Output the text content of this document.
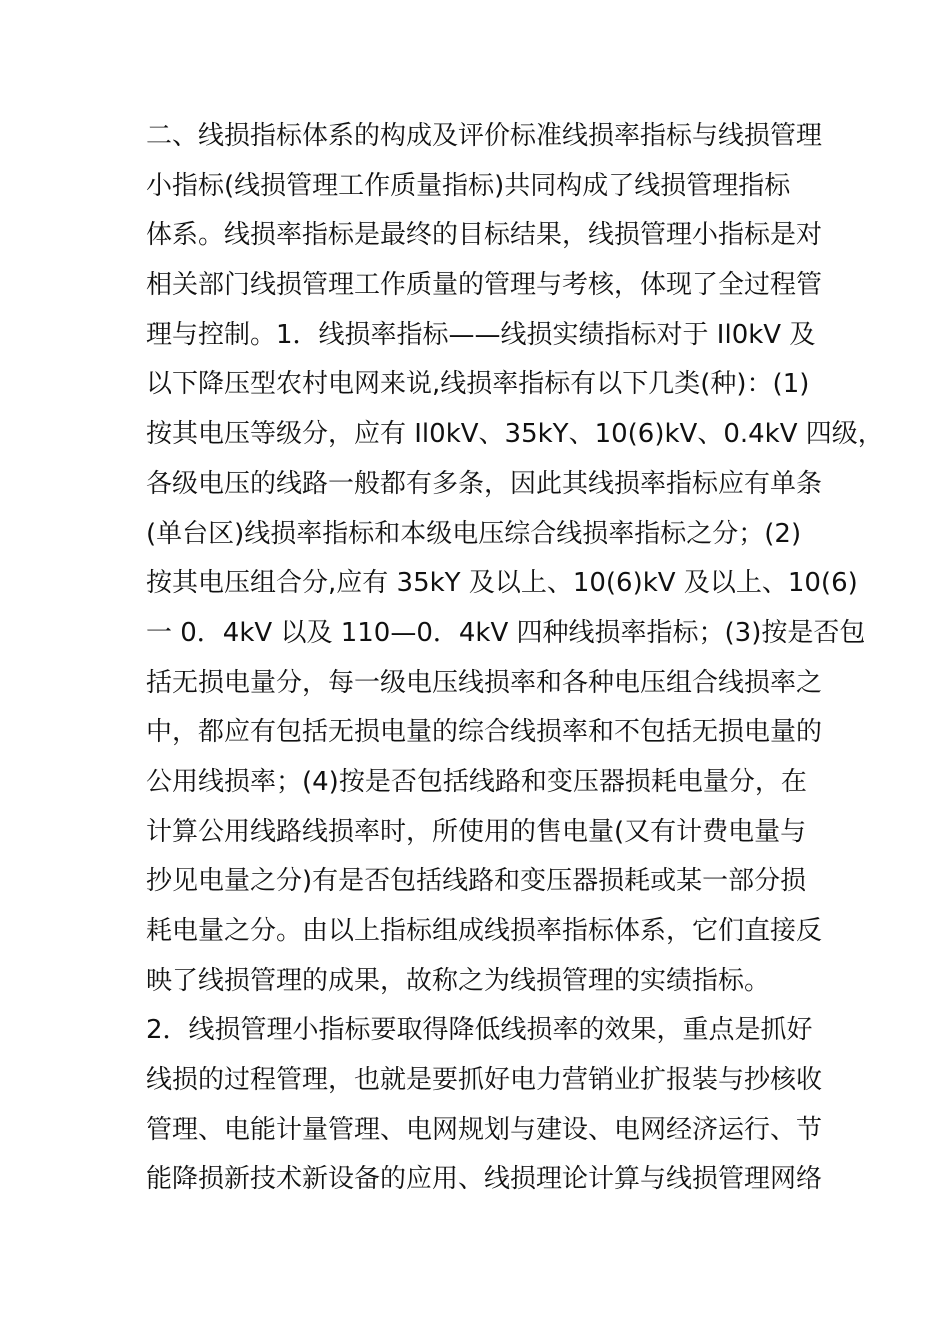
二、线损指标体系的构成及评价标准线损率指标与线损管理
小指标(线损管理工作质量指标)共同构成了线损管理指标
体系。线损率指标是最终的目标结果，线损管理小指标是对
相关部门线损管理工作质量的管理与考核，体现了全过程管
理与控制。1．线损率指标——线损实绩指标对于 Il0kV 及
以下降压型农村电网来说,线损率指标有以下几类(种)：(1)
按其电压等级分，应有 Il0kV、35kY、10(6)kV、0.4kV 四级，
各级电压的线路一般都有多条，因此其线损率指标应有单条
(单台区)线损率指标和本级电压综合线损率指标之分；(2)
按其电压组合分,应有 35kY 及以上、10(6)kV 及以上、10(6)
一 0．4kV 以及 110—0．4kV 四种线损率指标；(3)按是否包
括无损电量分，每一级电压线损率和各种电压组合线损率之
中，都应有包括无损电量的综合线损率和不包括无损电量的
公用线损率；(4)按是否包括线路和变压器损耗电量分，在
计算公用线路线损率时，所使用的售电量(又有计费电量与
抄见电量之分)有是否包括线路和变压器损耗或某一部分损
耗电量之分。由以上指标组成线损率指标体系，它们直接反
映了线损管理的成果，故称之为线损管理的实绩指标。
2．线损管理小指标要取得降低线损率的效果，重点是抓好
线损的过程管理，也就是要抓好电力营销业扩报装与抄核收
管理、电能计量管理、电网规划与建设、电网经济运行、节
能降损新技术新设备的应用、线损理论计算与线损管理网络
